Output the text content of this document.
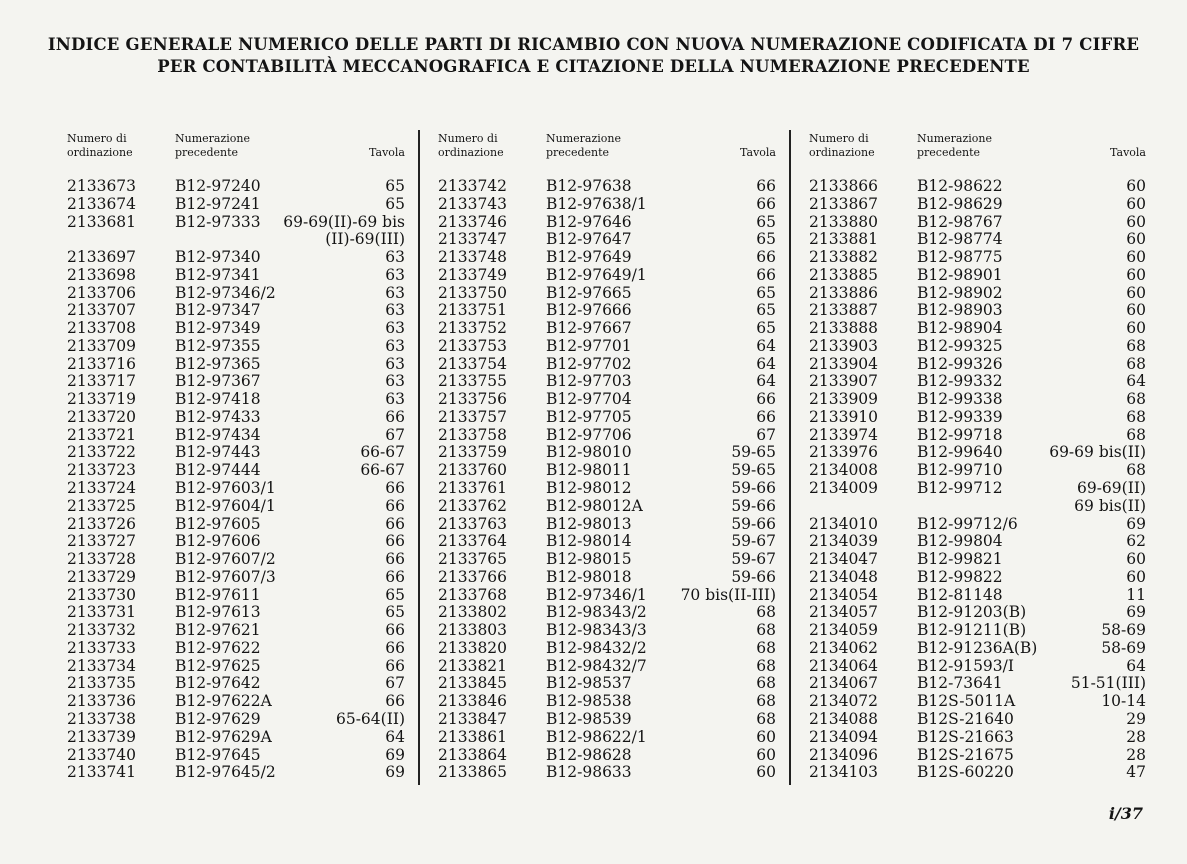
INDICE GENERALE NUMERICO DELLE PARTI DI RICAMBIO CON NUOVA NUMERAZIONE CODIFICATA DI 7 CIFRE
PER CONTABILITÀ MECCANOGRAFICA E CITAZIONE DELLA NUMERAZIONE PRECEDENTE
Numero di
ordinazione
Numerazione
precedente	Tavola
2133673	B12-97240	65
2133674	B12-97241	65
2133681	B12-97333 69-69(II)-69 bis
(II)-69(III)
2133697	B12-97340	63
2133698	B12-97341	63
2133706	B12-97346/2	63
2133707	B12-97347	63
2133708	B12-97349	63
2133709	B12-97355	63
2133716	B12-97365	63
2133717	B12-97367	63
2133719	B12-97418	63
2133720	B12-97433	66
2133721	B12-97434	67
2133722	B12-97443	66-67
2133723	B12-97444	66-67
2133724	B12-97603/1	66
2133725	B12-97604/1	66
2133726	B12-97605	66
2133727	B12-97606	66
2133728	B12-97607/2	66
2133729	B12-97607/3	66
2133730	B12-97611	65
2133731	B12-97613	65
2133732	B12-97621	66
2133733	B12-97622	66
2133734	B12-97625	66
2133735	B12-97642	67
2133736	B12-97622A	66
2133738	B12-97629	65-64(II)
2133739	B12-97629A	64
2133740	B12-97645	69
2133741	B12-97645/2	69
Numero di
ordinazione
Numerazione
precedente	Tavola
2133742	B12-97638	66
2133743	B12-97638/1	66
2133746	B12-97646	65
2133747	B12-97647	65
2133748	B12-97649	66
2133749	B12-97649/1	66
2133750	B12-97665	65
2133751	B12-97666	65
2133752	B12-97667	65
2133753	B12-97701	64
2133754	B12-97702	64
2133755	B12-97703	64
2133756	B12-97704	66
2133757	B12-97705	66
2133758	B12-97706	67
2133759	B12-98010	59-65
2133760	B12-98011	59-65
2133761	B12-98012	59-66
2133762	B12-98012A	59-66
2133763	B12-98013	59-66
2133764	B12-98014	59-67
2133765	B12-98015	59-67
2133766	B12-98018	59-66
2133768	B12-97346/1 70 bis(II-III)
2133802	B12-98343/2	68
2133803	B12-98343/3	68
2133820	B12-98432/2	68
2133821	B12-98432/7	68
2133845	B12-98537	68
2133846	B12-98538	68
2133847	B12-98539	68
2133861	B12-98622/1	60
2133864	B12-98628	60
2133865	B12-98633	60
Numero di
ordinazione
Numerazione
precedente	Tavola
2133866	B12-98622	60
2133867	B12-98629	60
2133880	B12-98767	60
2133881	B12-98774	60
2133882	B12-98775	60
2133885	B12-98901	60
2133886	B12-98902	60
2133887	B12-98903	60
2133888	B12-98904	60
2133903	B12-99325	68
2133904	B12-99326	68
2133907	B12-99332	64
2133909	B12-99338	68
2133910	B12-99339	68
2133974	B12-99718	68
2133976	B12-99640	69-69 bis(II)
2134008	B12-99710	68
2134009	B12-99712	69-69(II)
69 bis(II)
2134010	B12-99712/6	69
2134039	B12-99804	62
2134047	B12-99821	60
2134048	B12-99822	60
2134054	B12-81148	11
2134057	B12-91203(B)	69
2134059	B12-91211(B)	58-69
2134062	B12-91236A(B)	58-69
2134064	B12-91593/I	64
2134067	B12-73641	51-51(III)
2134072	B12S-5011A	10-14
2134088	B12S-21640	29
2134094	B12S-21663	28
2134096	B12S-21675	28
2134103	B12S-60220	47
i/37
